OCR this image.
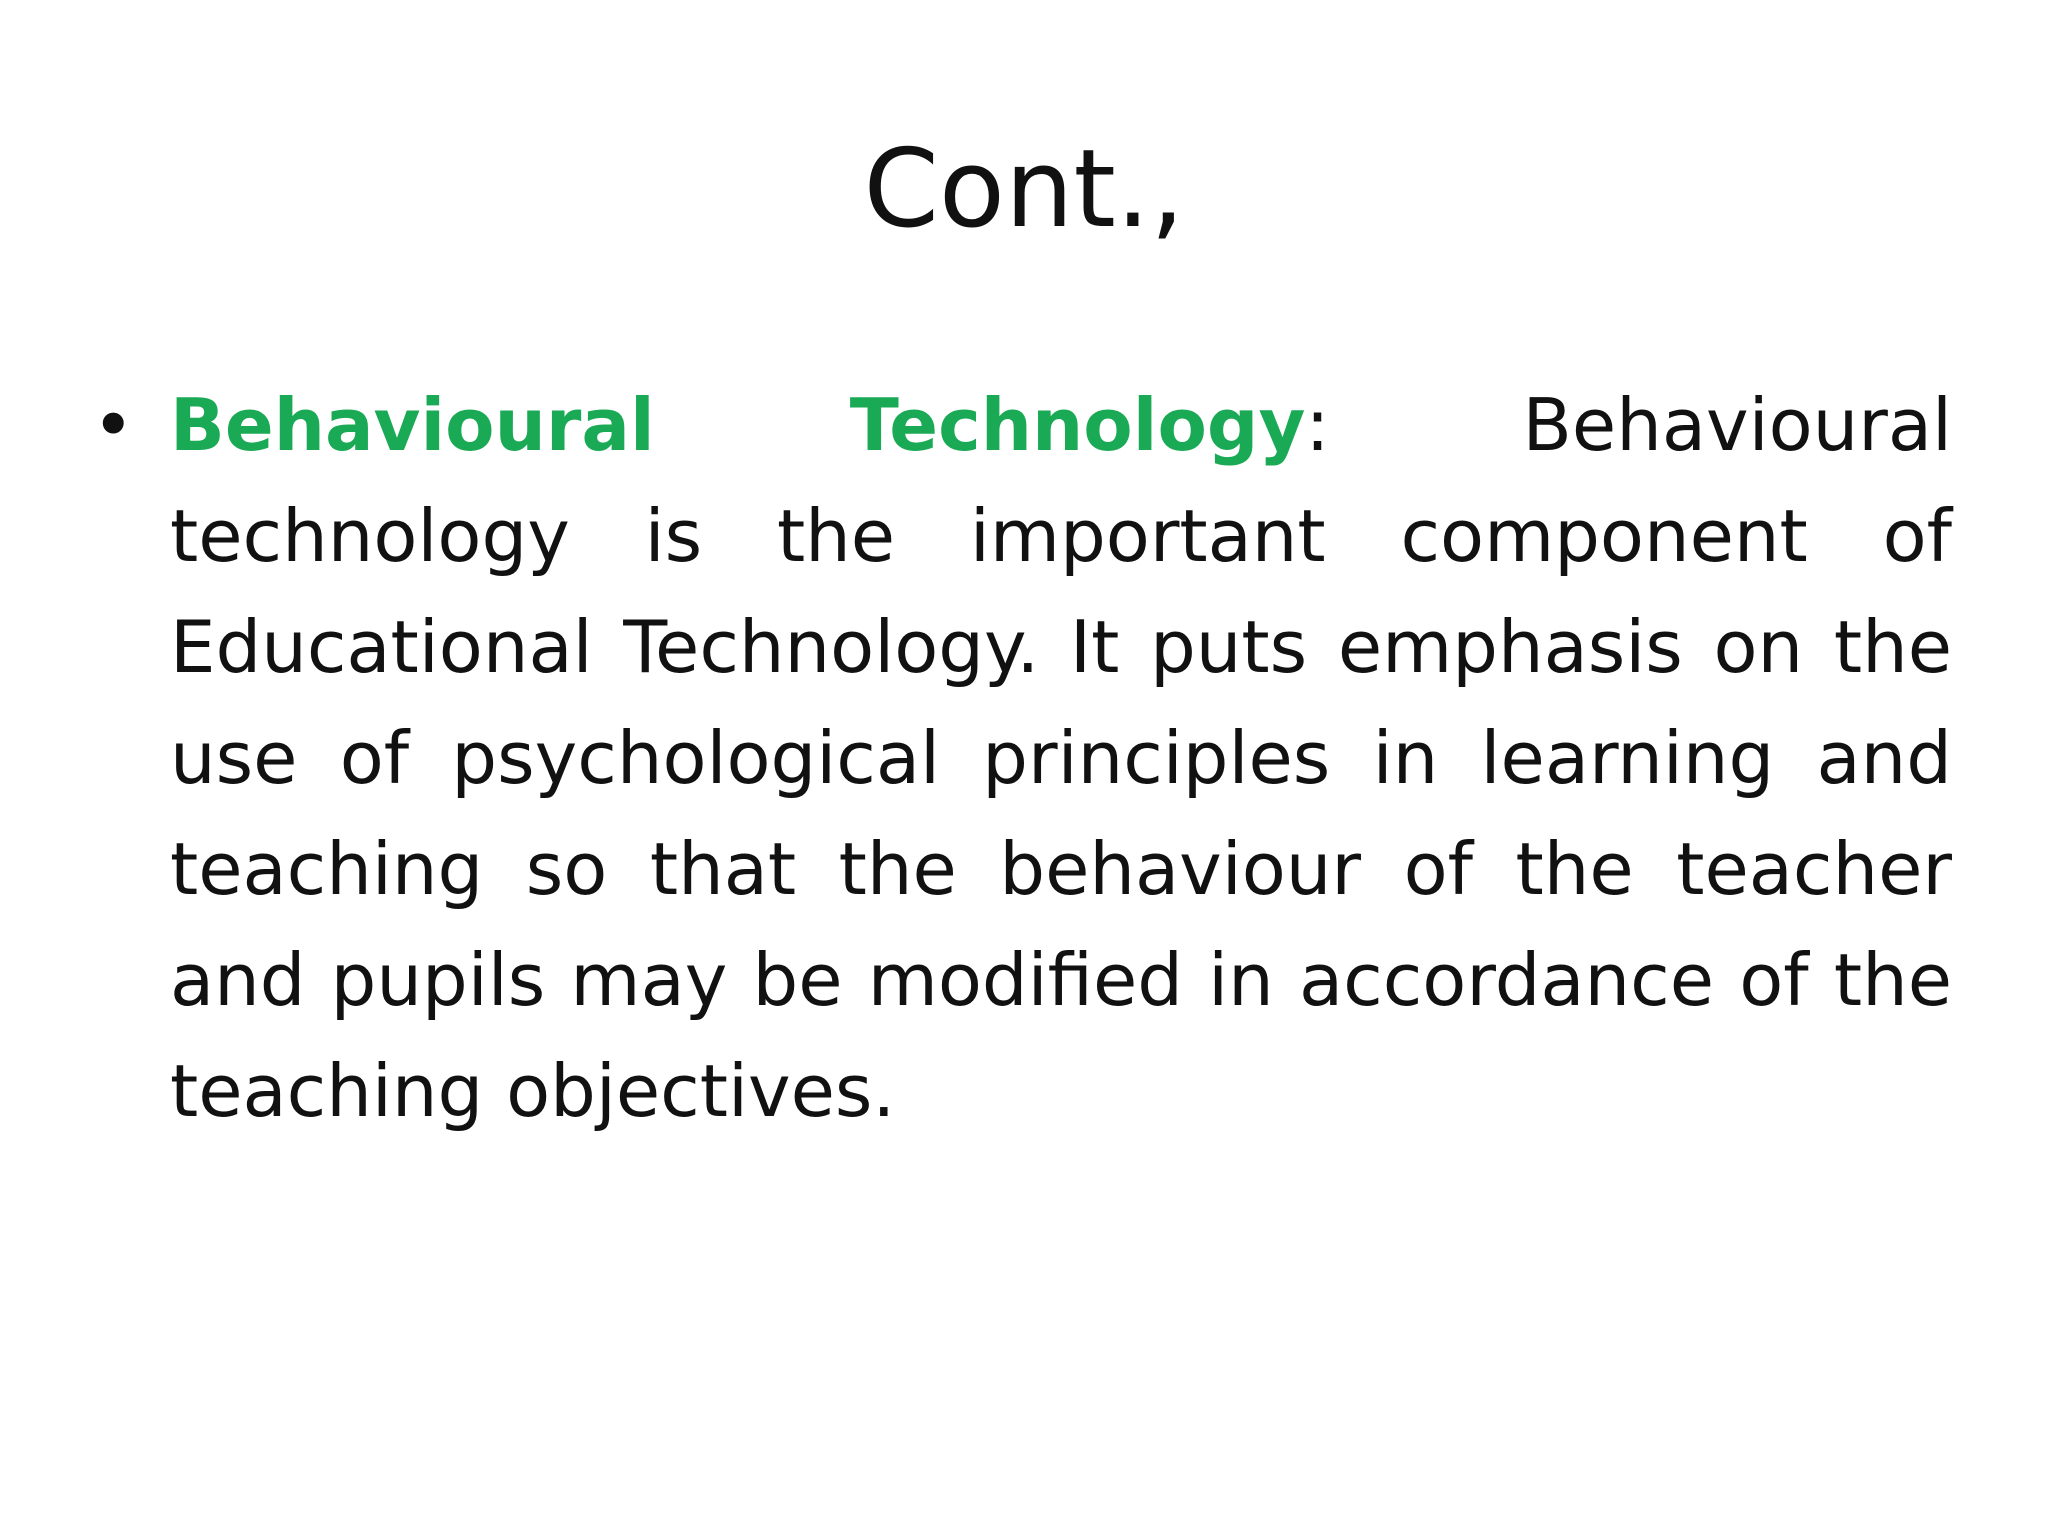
Cont.,
• Behavioural Technology: Behavioural technology is the important component of Educational Technology. It puts emphasis on the use of psychological principles in learning and teaching so that the behaviour of the teacher and pupils may be modified in accordance of the teaching objectives.
